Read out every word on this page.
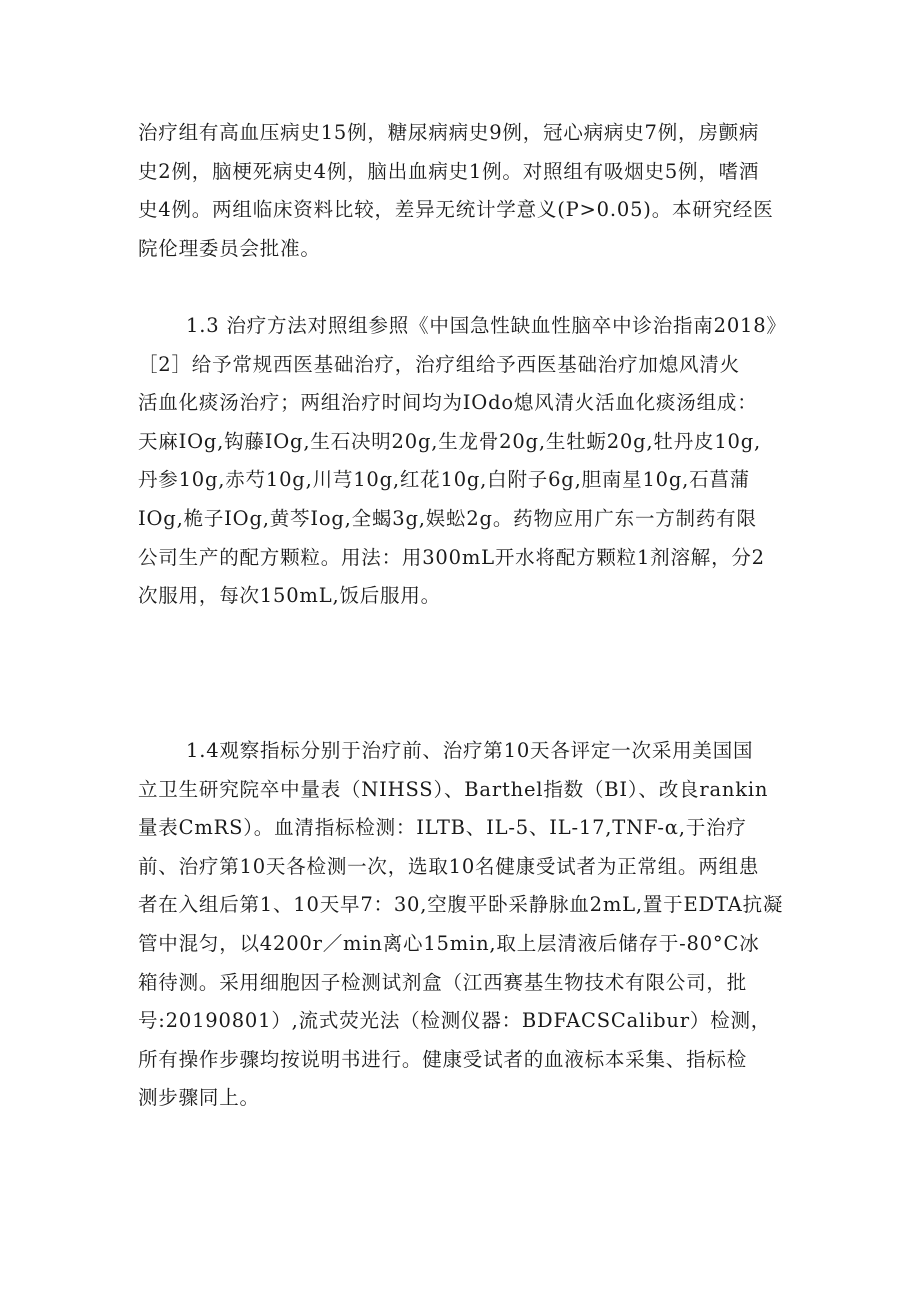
治疗组有高血压病史15例，糖尿病病史9例，冠心病病史7例，房颤病
史2例，脑梗死病史4例，脑出血病史1例。对照组有吸烟史5例，嗜酒
史4例。两组临床资料比较，差异无统计学意义(P>0.05)。本研究经医
院伦理委员会批准。
1.3 治疗方法对照组参照《中国急性缺血性脑卒中诊治指南2018》
［2］给予常规西医基础治疗，治疗组给予西医基础治疗加熄风清火
活血化痰汤治疗；两组治疗时间均为IOdo熄风清火活血化痰汤组成：
天麻IOg,钩藤IOg,生石决明20g,生龙骨20g,生牡蛎20g,牡丹皮10g,
丹参10g,赤芍10g,川芎10g,红花10g,白附子6g,胆南星10g,石菖蒲
IOg,桅子IOg,黄芩Iog,全蝎3g,娱蚣2g。药物应用广东一方制药有限
公司生产的配方颗粒。用法：用300mL开水将配方颗粒1剂溶解，分2
次服用，每次150mL,饭后服用。
1.4观察指标分别于治疗前、治疗第10天各评定一次采用美国国
立卫生研究院卒中量表（NIHSS）、Barthel指数（BI）、改良rankin
量表CmRS）。血清指标检测：ILTB、IL-5、IL-17,TNF-α,于治疗
前、治疗第10天各检测一次，选取10名健康受试者为正常组。两组患
者在入组后第1、10天早7：30,空腹平卧采静脉血2mL,置于EDTA抗凝
管中混匀，以4200r／min离心15min,取上层清液后储存于-80°C冰
箱待测。采用细胞因子检测试剂盒（江西赛基生物技术有限公司，批
号:20190801）,流式荧光法（检测仪器：BDFACSCalibur）检测，
所有操作步骤均按说明书进行。健康受试者的血液标本采集、指标检
测步骤同上。
